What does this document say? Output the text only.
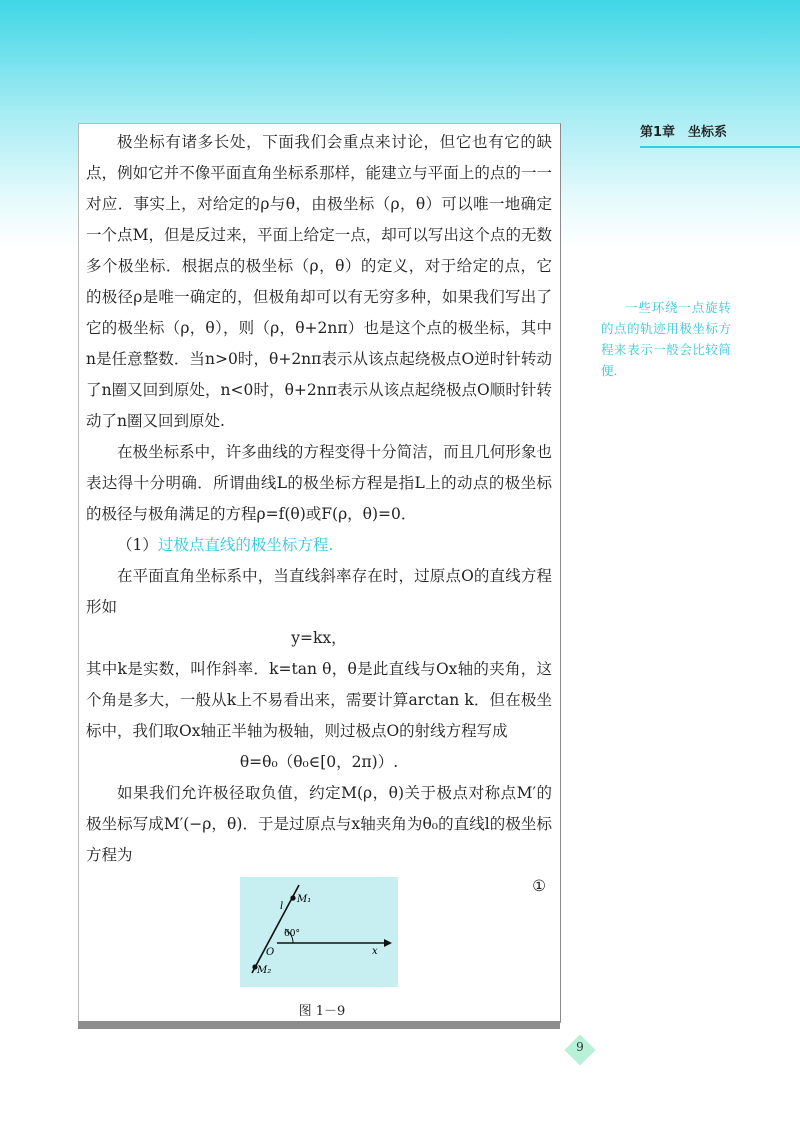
第1章　坐标系

极坐标有诸多长处，下面我们会重点来讨论，但它也有它的缺点，例如它并不像平面直角坐标系那样，能建立与平面上的点的一一对应．事实上，对给定的ρ与θ，由极坐标（ρ，θ）可以唯一地确定一个点M，但是反过来，平面上给定一点，却可以写出这个点的无数多个极坐标．根据点的极坐标（ρ，θ）的定义，对于给定的点，它的极径ρ是唯一确定的，但极角却可以有无穷多种，如果我们写出了它的极坐标（ρ，θ），则（ρ，θ+2nπ）也是这个点的极坐标，其中n是任意整数．当n>0时，θ+2nπ表示从该点起绕极点O逆时针转动了n圈又回到原处，n<0时，θ+2nπ表示从该点起绕极点O顺时针转动了n圈又回到原处.

在极坐标系中，许多曲线的方程变得十分简洁，而且几何形象也表达得十分明确．所谓曲线L的极坐标方程是指L上的动点的极坐标的极径与极角满足的方程ρ=f(θ)或F(ρ，θ)=0．

（1）过极点直线的极坐标方程.

在平面直角坐标系中，当直线斜率存在时，过原点O的直线方程形如

y=kx，

其中k是实数，叫作斜率．k=tan θ，θ是此直线与Ox轴的夹角，这个角是多大，一般从k上不易看出来，需要计算arctan k．但在极坐标中，我们取Ox轴正半轴为极轴，则过极点O的射线方程写成

θ=θ₀（θ₀∈[0，2π)）.

如果我们允许极径取负值，约定M(ρ，θ)关于极点对称点M′的极坐标写成M′(−ρ，θ)．于是过原点与x轴夹角为θ₀的直线l的极坐标方程为

①
M₁
M₂
l
O	x
60°
图 1－9
一些环绕一点旋转的点的轨迹用极坐标方程来表示一般会比较简便.
9
